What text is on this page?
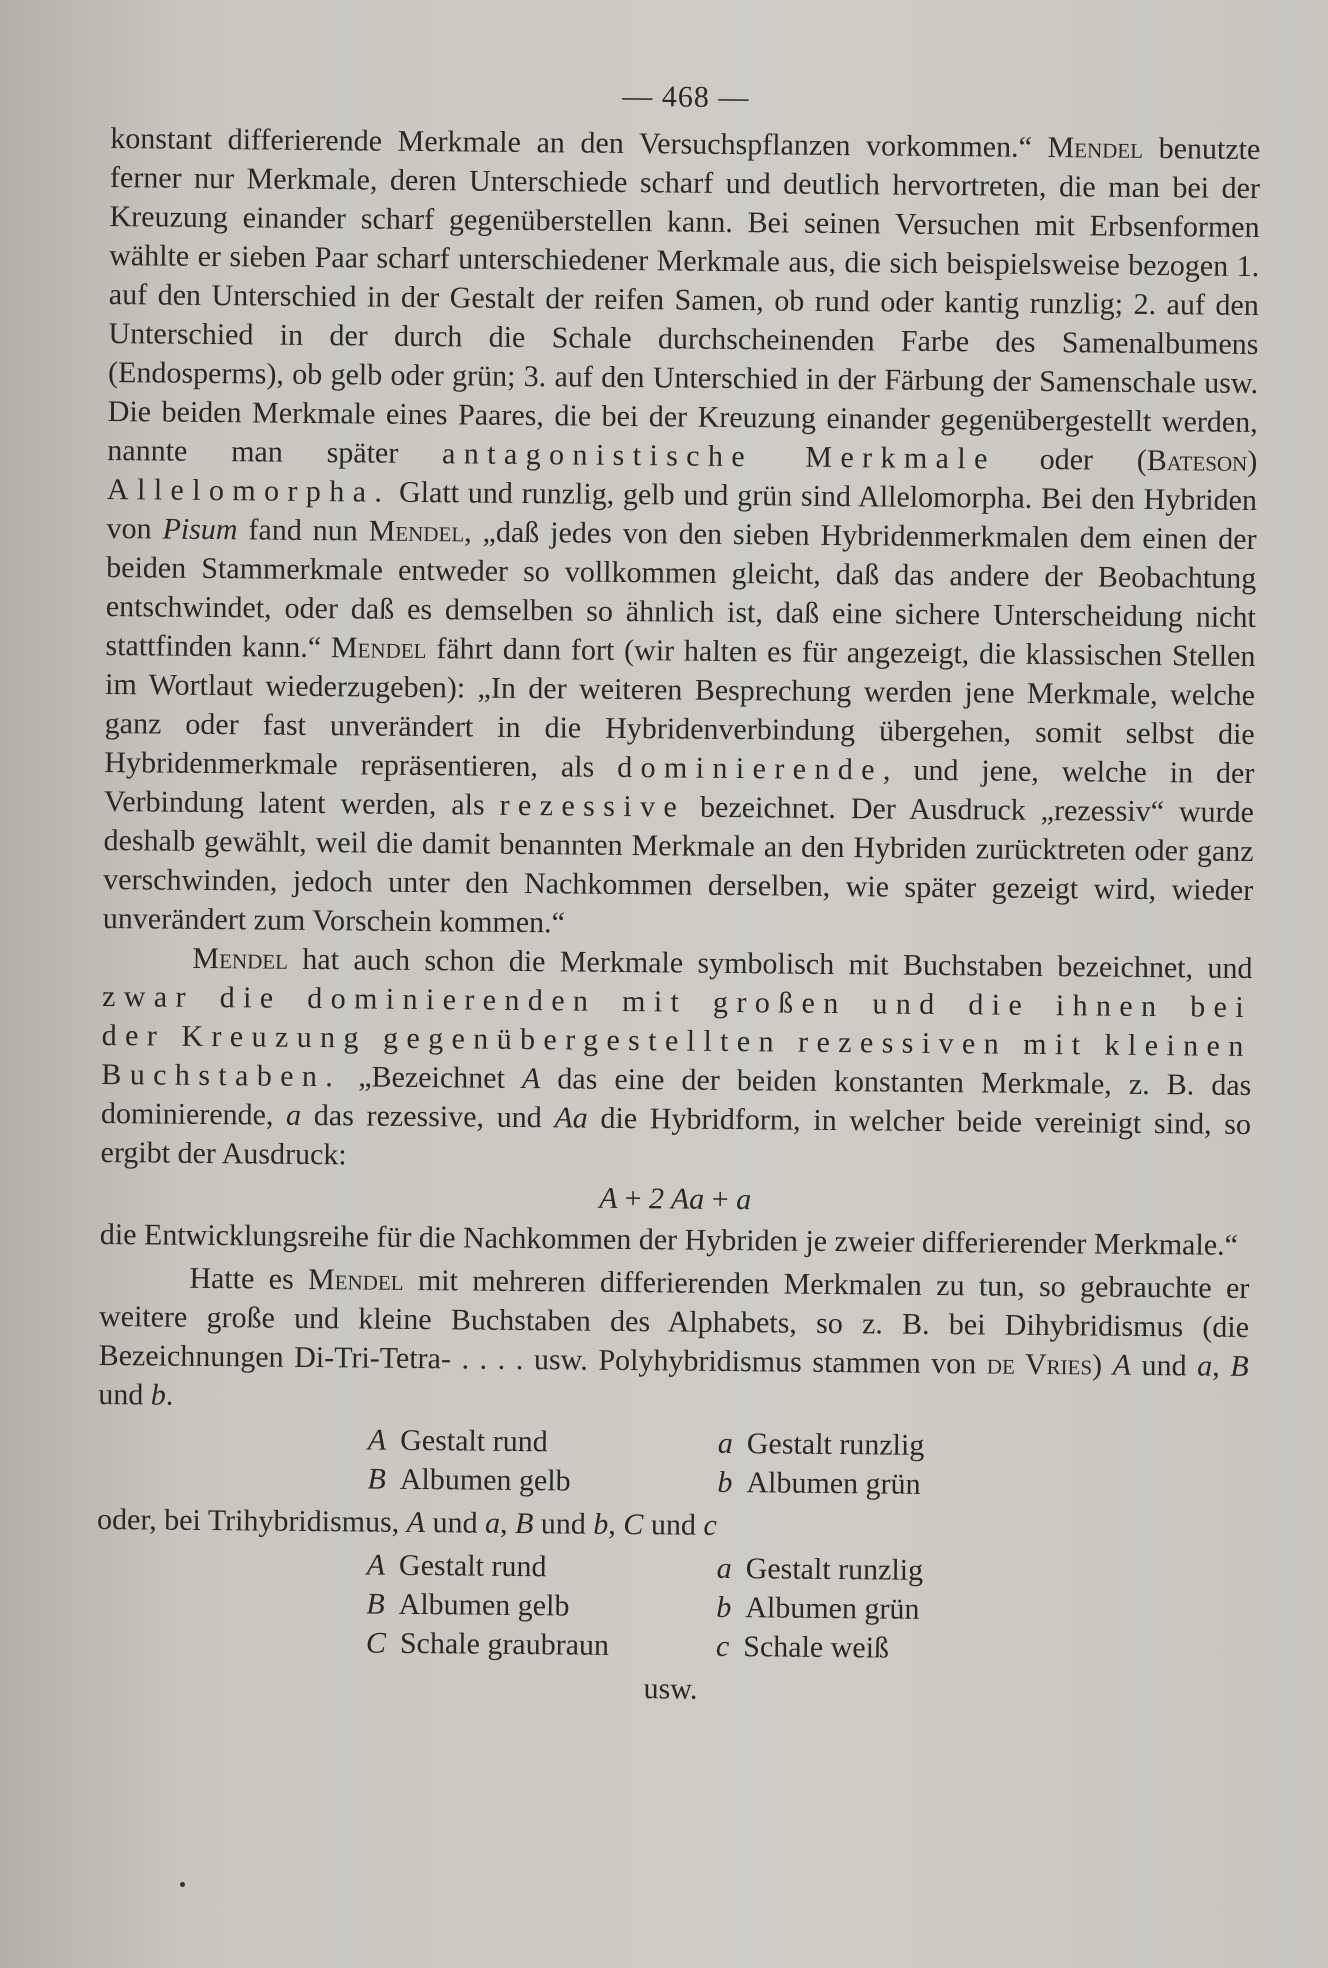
— 468 —

konstant differierende Merkmale an den Versuchspflanzen vorkommen.“ Mendel benutzte ferner nur Merkmale, deren Unterschiede scharf und deutlich hervortreten, die man bei der Kreuzung einander scharf gegenüberstellen kann. Bei seinen Versuchen mit Erbsenformen wählte er sieben Paar scharf unterschiedener Merkmale aus, die sich beispielsweise bezogen 1. auf den Unterschied in der Gestalt der reifen Samen, ob rund oder kantig runzlig; 2. auf den Unterschied in der durch die Schale durchscheinenden Farbe des Samenalbumens (Endosperms), ob gelb oder grün; 3. auf den Unterschied in der Färbung der Samenschale usw. Die beiden Merkmale eines Paares, die bei der Kreuzung einander gegenübergestellt werden, nannte man später antagonistische Merkmale oder (Bateson) Allelomorpha. Glatt und runzlig, gelb und grün sind Allelomorpha. Bei den Hybriden von Pisum fand nun Mendel, „daß jedes von den sieben Hybridenmerkmalen dem einen der beiden Stammerkmale entweder so vollkommen gleicht, daß das andere der Beobachtung entschwindet, oder daß es demselben so ähnlich ist, daß eine sichere Unterscheidung nicht stattfinden kann.“ Mendel fährt dann fort (wir halten es für angezeigt, die klassischen Stellen im Wortlaut wiederzugeben): „In der weiteren Besprechung werden jene Merkmale, welche ganz oder fast unverändert in die Hybridenverbindung übergehen, somit selbst die Hybridenmerkmale repräsentieren, als dominierende, und jene, welche in der Verbindung latent werden, als rezessive bezeichnet. Der Ausdruck „rezessiv“ wurde deshalb gewählt, weil die damit benannten Merkmale an den Hybriden zurücktreten oder ganz verschwinden, jedoch unter den Nachkommen derselben, wie später gezeigt wird, wieder unverändert zum Vorschein kommen.“

Mendel hat auch schon die Merkmale symbolisch mit Buchstaben bezeichnet, und zwar die dominierenden mit großen und die ihnen bei der Kreuzung gegenübergestellten rezessiven mit kleinen Buchstaben. „Bezeichnet A das eine der beiden konstanten Merkmale, z. B. das dominierende, a das rezessive, und Aa die Hybridform, in welcher beide vereinigt sind, so ergibt der Ausdruck:

A + 2 Aa + a

die Entwicklungsreihe für die Nachkommen der Hybriden je zweier differierender Merkmale.“

Hatte es Mendel mit mehreren differierenden Merkmalen zu tun, so gebrauchte er weitere große und kleine Buchstaben des Alphabets, so z. B. bei Dihybridismus (die Bezeichnungen Di-Tri-Tetra- . . . . usw. Polyhybridismus stammen von de Vries) A und a, B und b.

A Gestalt rund	a Gestalt runzlig
B Albumen gelb	b Albumen grün

oder, bei Trihybridismus, A und a, B und b, C und c

A Gestalt rund	a Gestalt runzlig
B Albumen gelb	b Albumen grün
C Schale graubraun	c Schale weiß

usw.
